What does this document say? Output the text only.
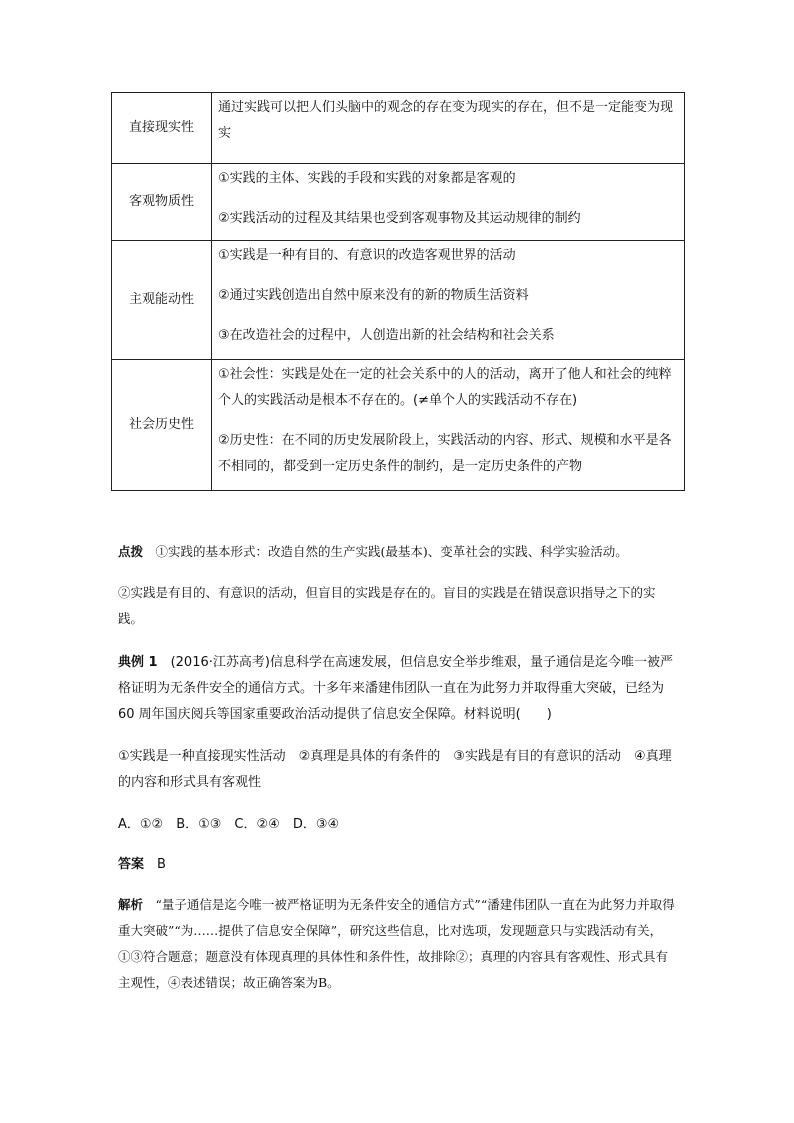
直接现实性	通过实践可以把人们头脑中的观念的存在变为现实的存在，但不是一定能变为现实

客观物质性	①实践的主体、实践的手段和实践的对象都是客观的

②实践活动的过程及其结果也受到客观事物及其运动规律的制约

主观能动性	①实践是一种有目的、有意识的改造客观世界的活动

②通过实践创造出自然中原来没有的新的物质生活资料

③在改造社会的过程中，人创造出新的社会结构和社会关系

社会历史性	①社会性：实践是处在一定的社会关系中的人的活动，离开了他人和社会的纯粹个人的实践活动是根本不存在的。(≠单个人的实践活动不存在)

②历史性：在不同的历史发展阶段上，实践活动的内容、形式、规模和水平是各不相同的，都受到一定历史条件的制约，是一定历史条件的产物

点拨　 ①实践的基本形式：改造自然的生产实践(最基本)、变革社会的实践、科学实验活动。

②实践是有目的、有意识的活动，但盲目的实践是存在的。盲目的实践是在错误意识指导之下的实践。

典例 1　 (2016·江苏高考)信息科学在高速发展，但信息安全举步维艰，量子通信是迄今唯一被严格证明为无条件安全的通信方式。十多年来潘建伟团队一直在为此努力并取得重大突破，已经为 60 周年国庆阅兵等国家重要政治活动提供了信息安全保障。材料说明(　　)

①实践是一种直接现实性活动　②真理是具体的有条件的　③实践是有目的有意识的活动　④真理的内容和形式具有客观性

A．①②　B．①③　C．②④　D．③④

答案　 B

解析　 “量子通信是迄今唯一被严格证明为无条件安全的通信方式”“潘建伟团队一直在为此努力并取得重大突破”“为……提供了信息安全保障”，研究这些信息，比对选项，发现题意只与实践活动有关，①③符合题意；题意没有体现真理的具体性和条件性，故排除②；真理的内容具有客观性、形式具有主观性，④表述错误；故正确答案为B。
